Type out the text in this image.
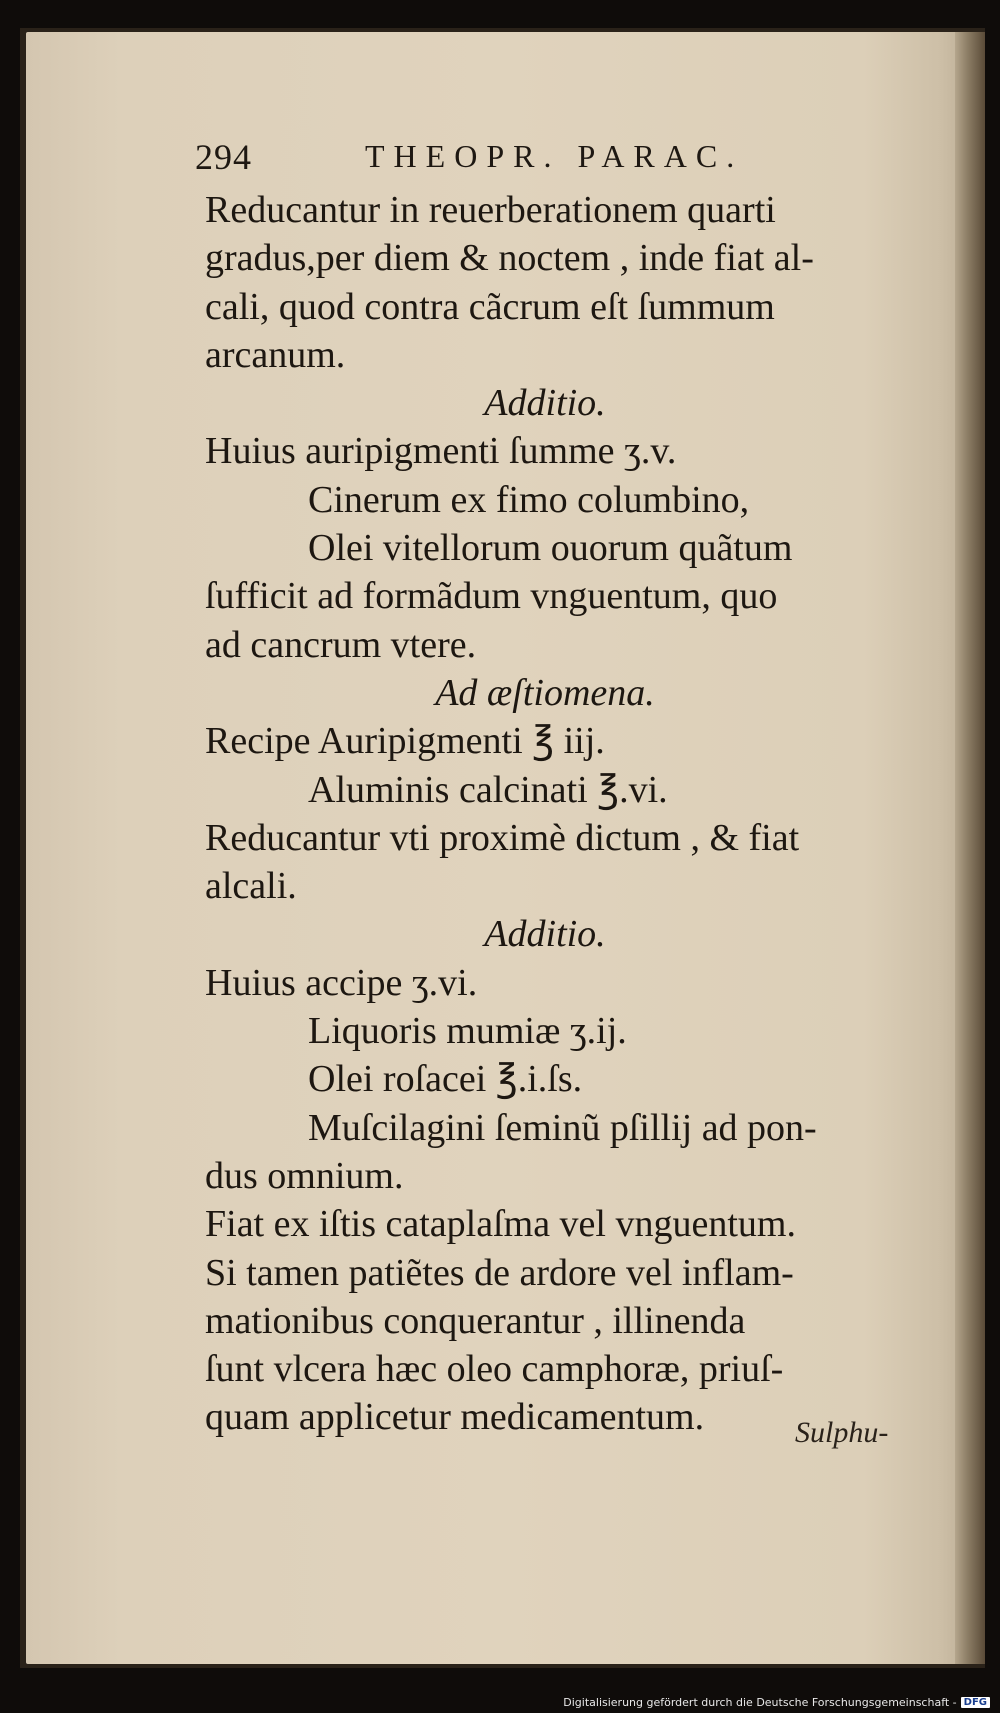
294	THEOPR. PARAC.
Reducantur in reuerberationem quarti
gradus,per diem & noctem , inde fiat al-
cali, quod contra cãcrum eſt ſummum
arcanum.
Additio.
Huius auripigmenti ſumme ʒ.v.
Cinerum ex fimo columbino,
Olei vitellorum ouorum quãtum
ſufficit ad formãdum vnguentum, quo
ad cancrum vtere.
Ad æſtiomena.
Recipe Auripigmenti ℥ iij.
Aluminis calcinati ℥.vi.
Reducantur vti proximè dictum , & fiat
alcali.
Additio.
Huius accipe ʒ.vi.
Liquoris mumiæ ʒ.ij.
Olei roſacei ℥.i.ſs.
Muſcilagini ſeminũ pſillij ad pon-
dus omnium.
Fiat ex iſtis cataplaſma vel vnguentum.
Si tamen patiẽtes de ardore vel inflam-
mationibus conquerantur , illinenda
ſunt vlcera hæc oleo camphoræ, priuſ-
quam applicetur medicamentum.	Sulphu-
Digitalisierung gefördert durch die Deutsche Forschungsgemeinschaft - DFG
